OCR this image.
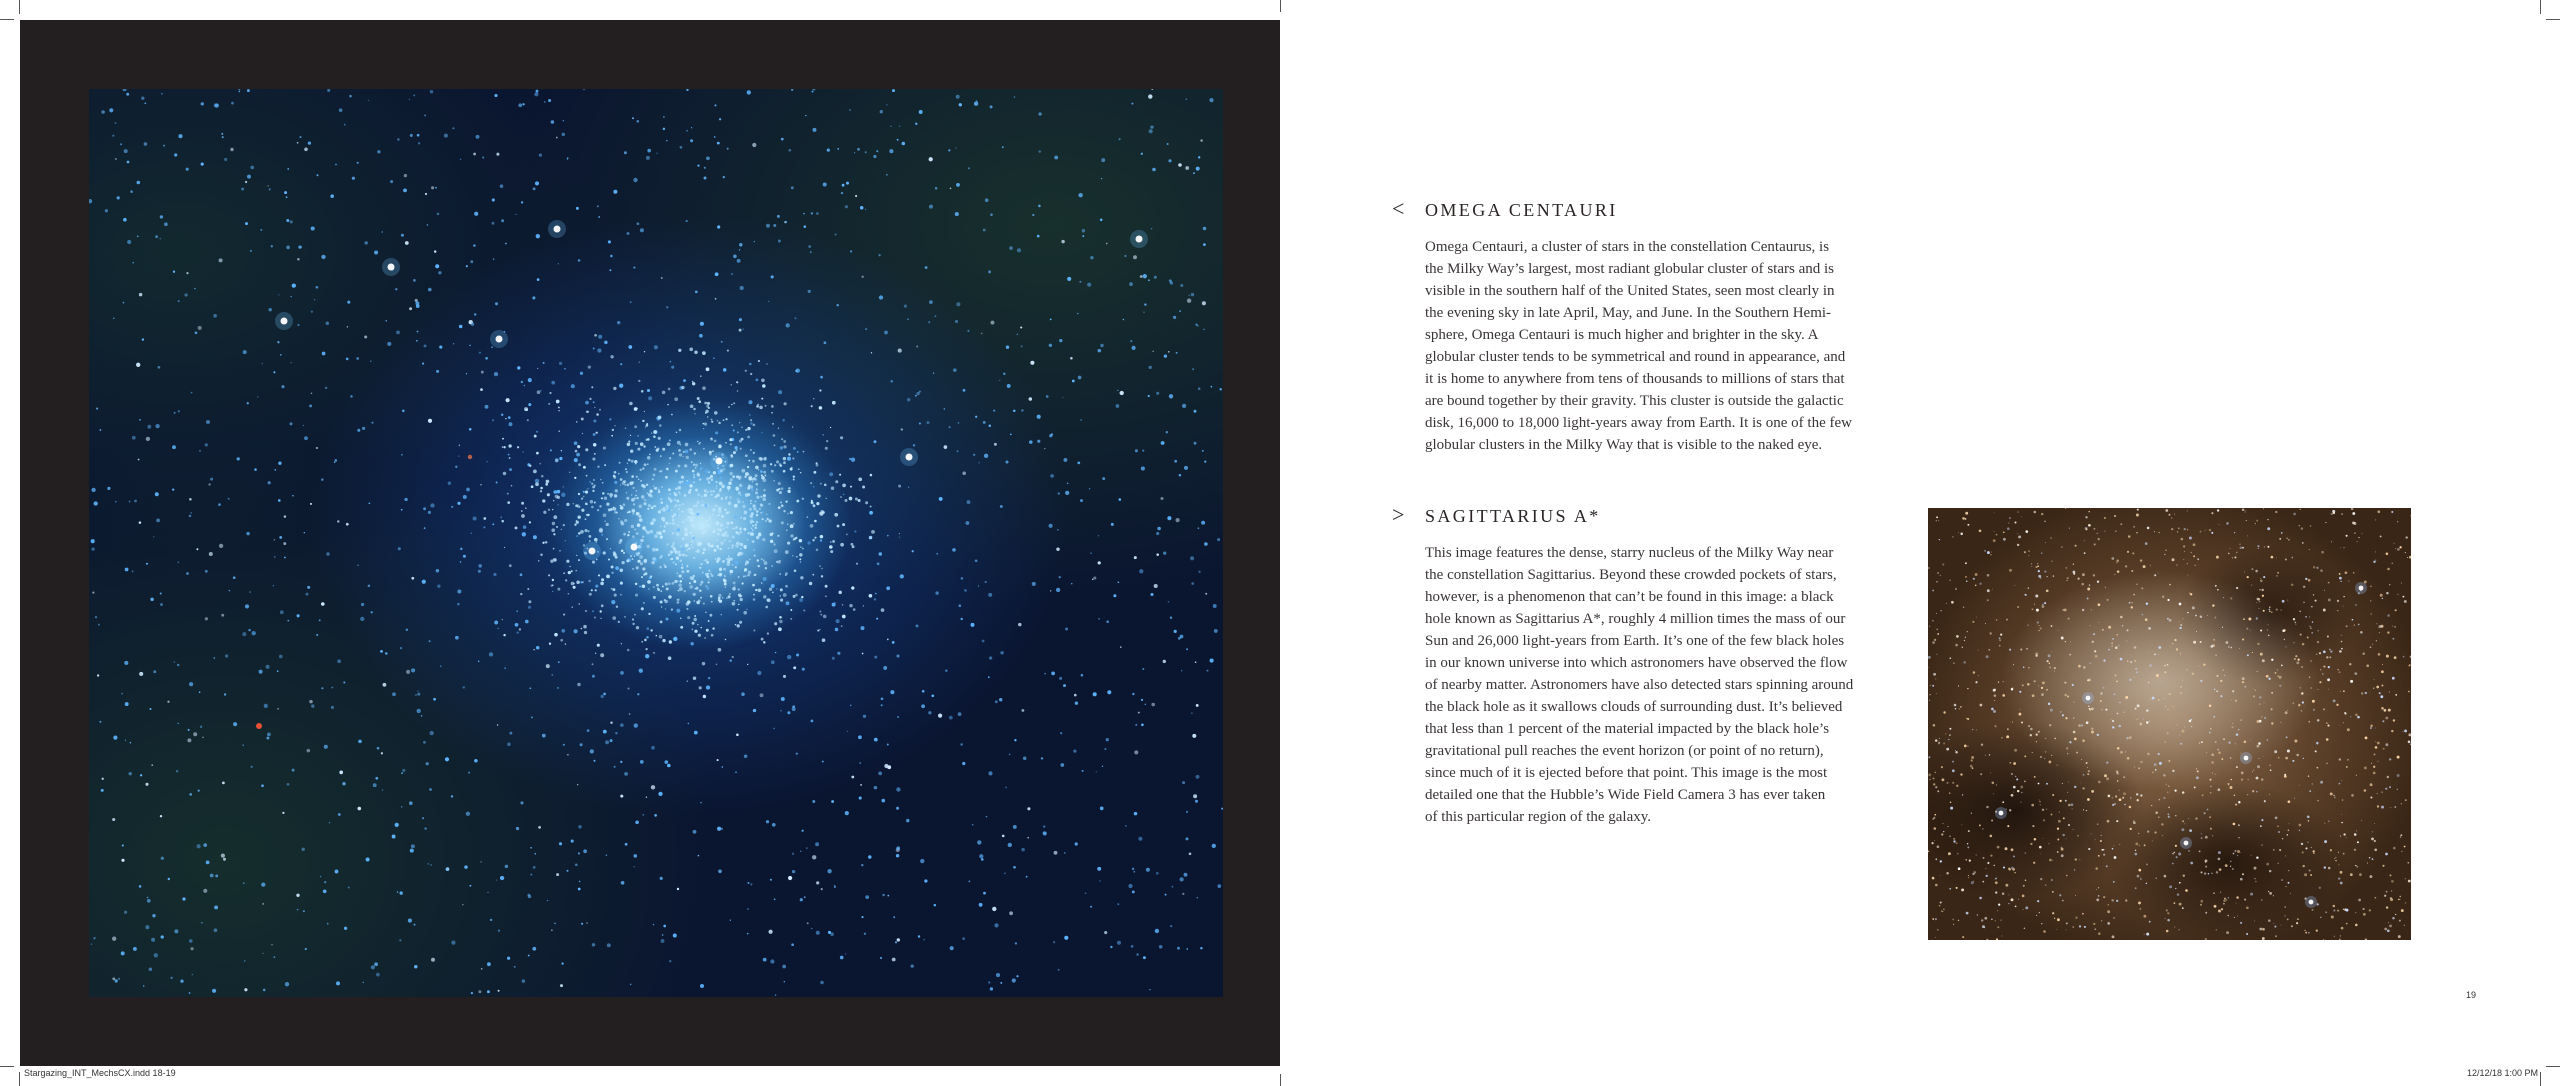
<	OMEGA CENTAURI
Omega Centauri, a cluster of stars in the constellation Centaurus, is
the Milky Way’s largest, most radiant globular cluster of stars and is
visible in the southern half of the United States, seen most clearly in
the evening sky in late April, May, and June. In the Southern Hemi-
sphere, Omega Centauri is much higher and brighter in the sky. A
globular cluster tends to be symmetrical and round in appearance, and
it is home to anywhere from tens of thousands to millions of stars that
are bound together by their gravity. This cluster is outside the galactic
disk, 16,000 to 18,000 light-years away from Earth. It is one of the few
globular clusters in the Milky Way that is visible to the naked eye.
>	SAGITTARIUS A*
This image features the dense, starry nucleus of the Milky Way near
the constellation Sagittarius. Beyond these crowded pockets of stars,
however, is a phenomenon that can’t be found in this image: a black
hole known as Sagittarius A*, roughly 4 million times the mass of our
Sun and 26,000 light-years from Earth. It’s one of the few black holes
in our known universe into which astronomers have observed the flow
of nearby matter. Astronomers have also detected stars spinning around
the black hole as it swallows clouds of surrounding dust. It’s believed
that less than 1 percent of the material impacted by the black hole’s
gravitational pull reaches the event horizon (or point of no return),
since much of it is ejected before that point. This image is the most
detailed one that the Hubble’s Wide Field Camera 3 has ever taken
of this particular region of the galaxy.
19
Stargazing_INT_MechsCX.indd 18-19	12/12/18 1:00 PM
